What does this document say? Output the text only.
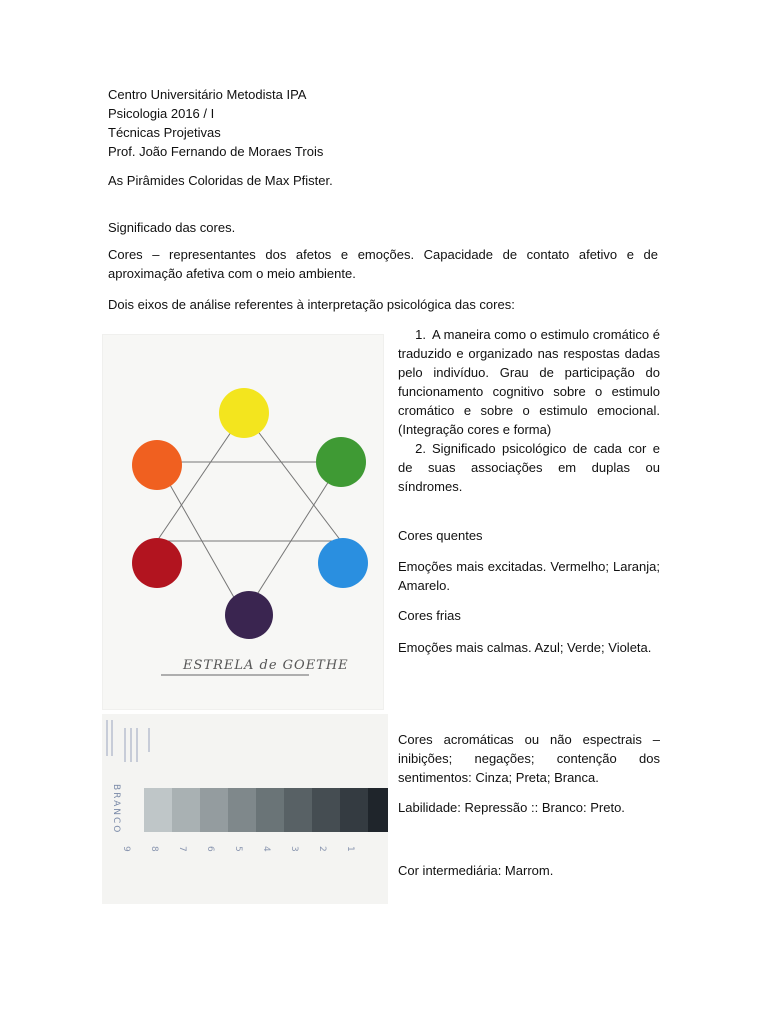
Centro Universitário Metodista IPA
Psicologia 2016 / I
Técnicas Projetivas
Prof. João Fernando de Moraes Trois
As Pirâmides Coloridas de Max Pfister.
Significado das cores.
Cores – representantes dos afetos e emoções. Capacidade de contato afetivo e de aproximação afetiva com o meio ambiente.
Dois eixos de análise referentes à interpretação psicológica das cores:
ESTRELA de GOETHE
1. A maneira como o estimulo cromático é traduzido e organizado nas respostas dadas pelo indivíduo. Grau de participação do funcionamento cognitivo sobre o estimulo cromático e sobre o estimulo emocional. (Integração cores e forma)
2. Significado psicológico de cada cor e de suas associações em duplas ou síndromes.
Cores quentes
Emoções mais excitadas. Vermelho; Laranja; Amarelo.
Cores frias
Emoções mais calmas. Azul; Verde; Violeta.
Cores acromáticas ou não espectrais – inibições; negações; contenção dos sentimentos: Cinza; Preta; Branca.
Labilidade: Repressão :: Branco: Preto.
Cor intermediária: Marrom.
BRANCO
9 8 7 6 5 4 3 2 1
